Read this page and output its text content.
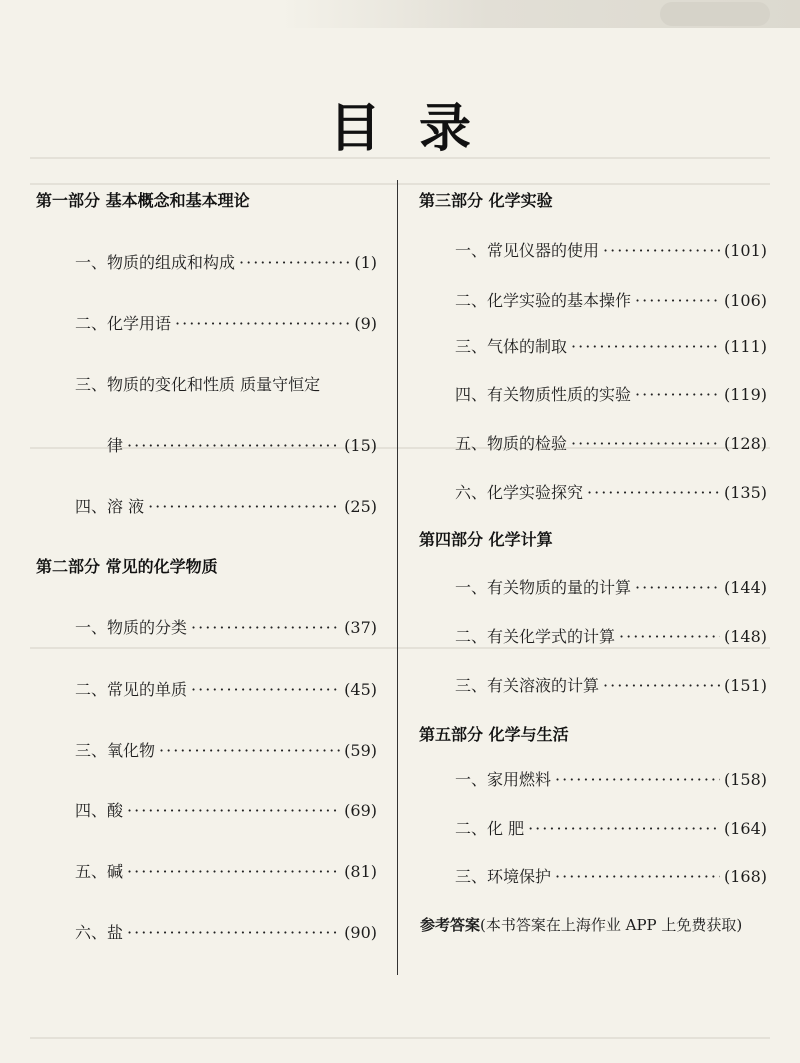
目录
第一部分 基本概念和基本理论
一、物质的组成和构成 ·····	(1)
二、化学用语 ·····	(9)
三、物质的变化和性质 质量守恒定
律 ·····	(15)
四、溶 液 ·····	(25)
第二部分 常见的化学物质
一、物质的分类 ·····	(37)
二、常见的单质 ·····	(45)
三、氧化物 ·····	(59)
四、酸 ·····	(69)
五、碱 ·····	(81)
六、盐 ·····	(90)
第三部分 化学实验
一、常见仪器的使用 ·····	(101)
二、化学实验的基本操作 ·····	(106)
三、气体的制取 ·····	(111)
四、有关物质性质的实验 ·····	(119)
五、物质的检验 ·····	(128)
六、化学实验探究 ·····	(135)
第四部分 化学计算
一、有关物质的量的计算 ·····	(144)
二、有关化学式的计算 ·····	(148)
三、有关溶液的计算 ·····	(151)
第五部分 化学与生活
一、家用燃料 ·····	(158)
二、化 肥 ·····	(164)
三、环境保护 ·····	(168)
参考答案(本书答案在上海作业 APP 上免费获取)
